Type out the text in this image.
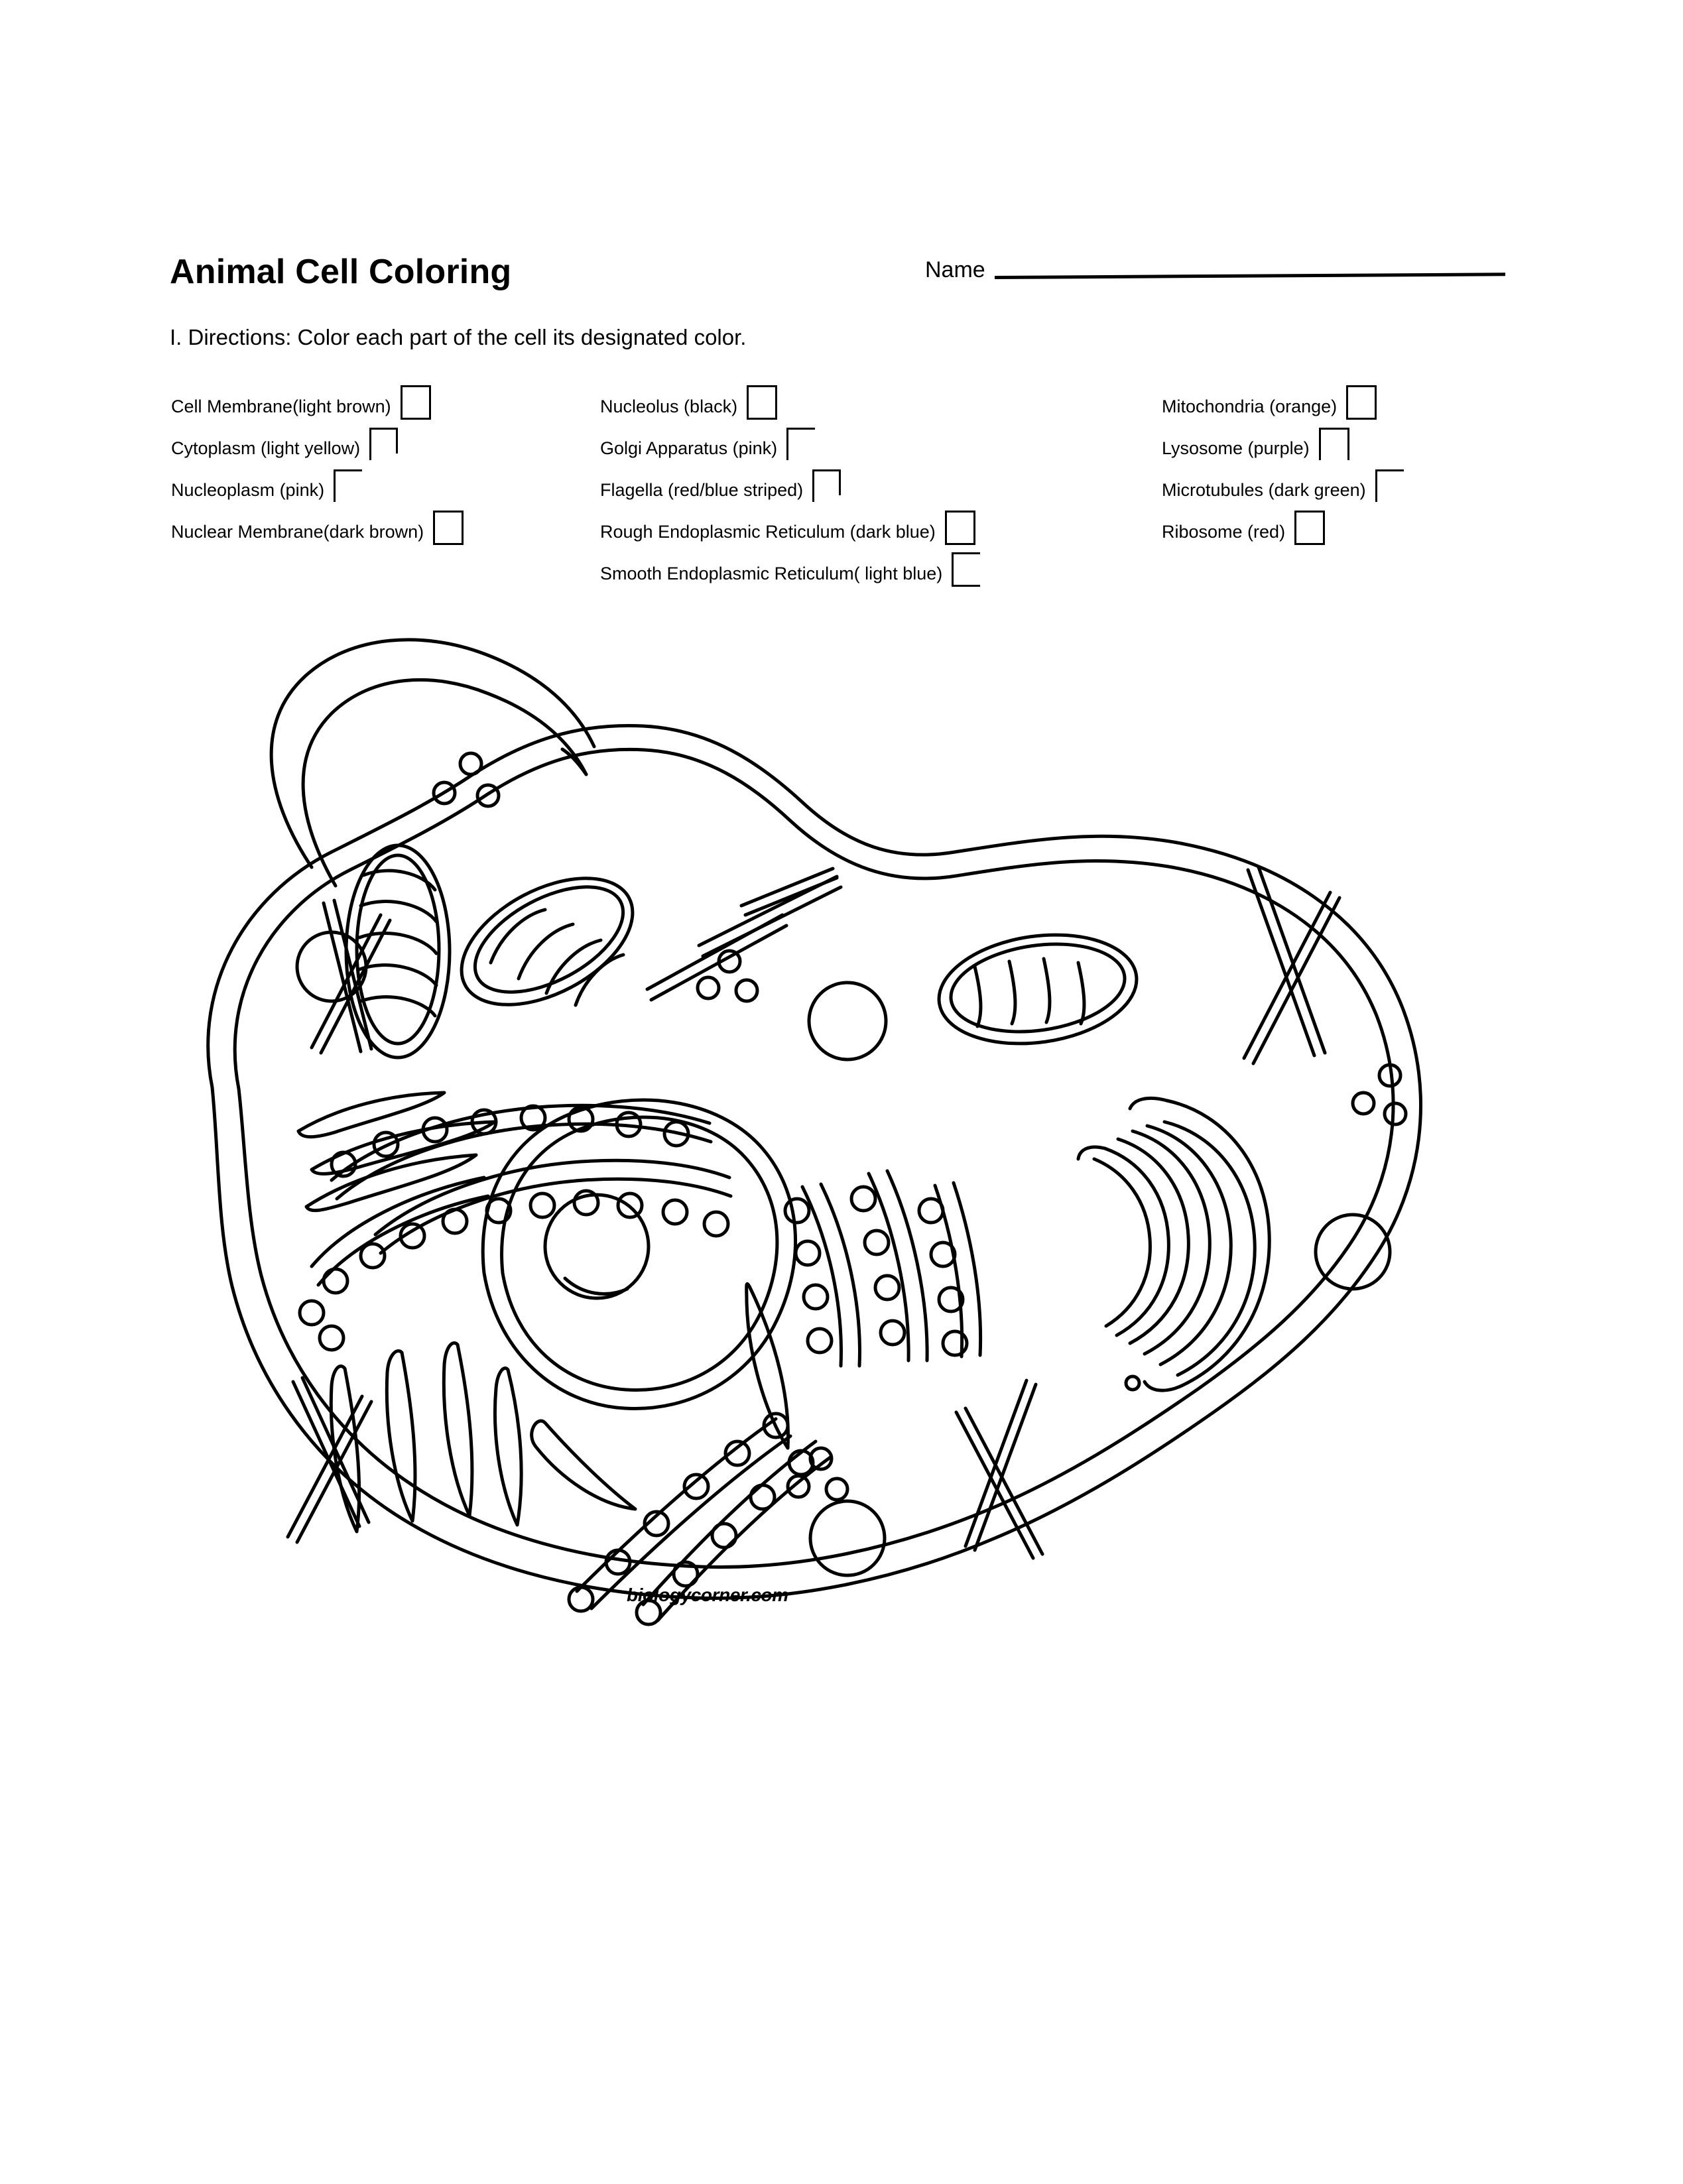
Animal Cell Coloring	Name
I. Directions: Color each part of the cell its designated color.
Cell Membrane(light brown)
Cytoplasm (light yellow)
Nucleoplasm (pink)
Nuclear Membrane(dark brown)
Nucleolus (black)
Golgi Apparatus (pink)
Flagella (red/blue striped)
Rough Endoplasmic Reticulum (dark blue)
Smooth Endoplasmic Reticulum( light blue)
Mitochondria (orange)
Lysosome (purple)
Microtubules (dark green)
Ribosome (red)
biologycorner.com
